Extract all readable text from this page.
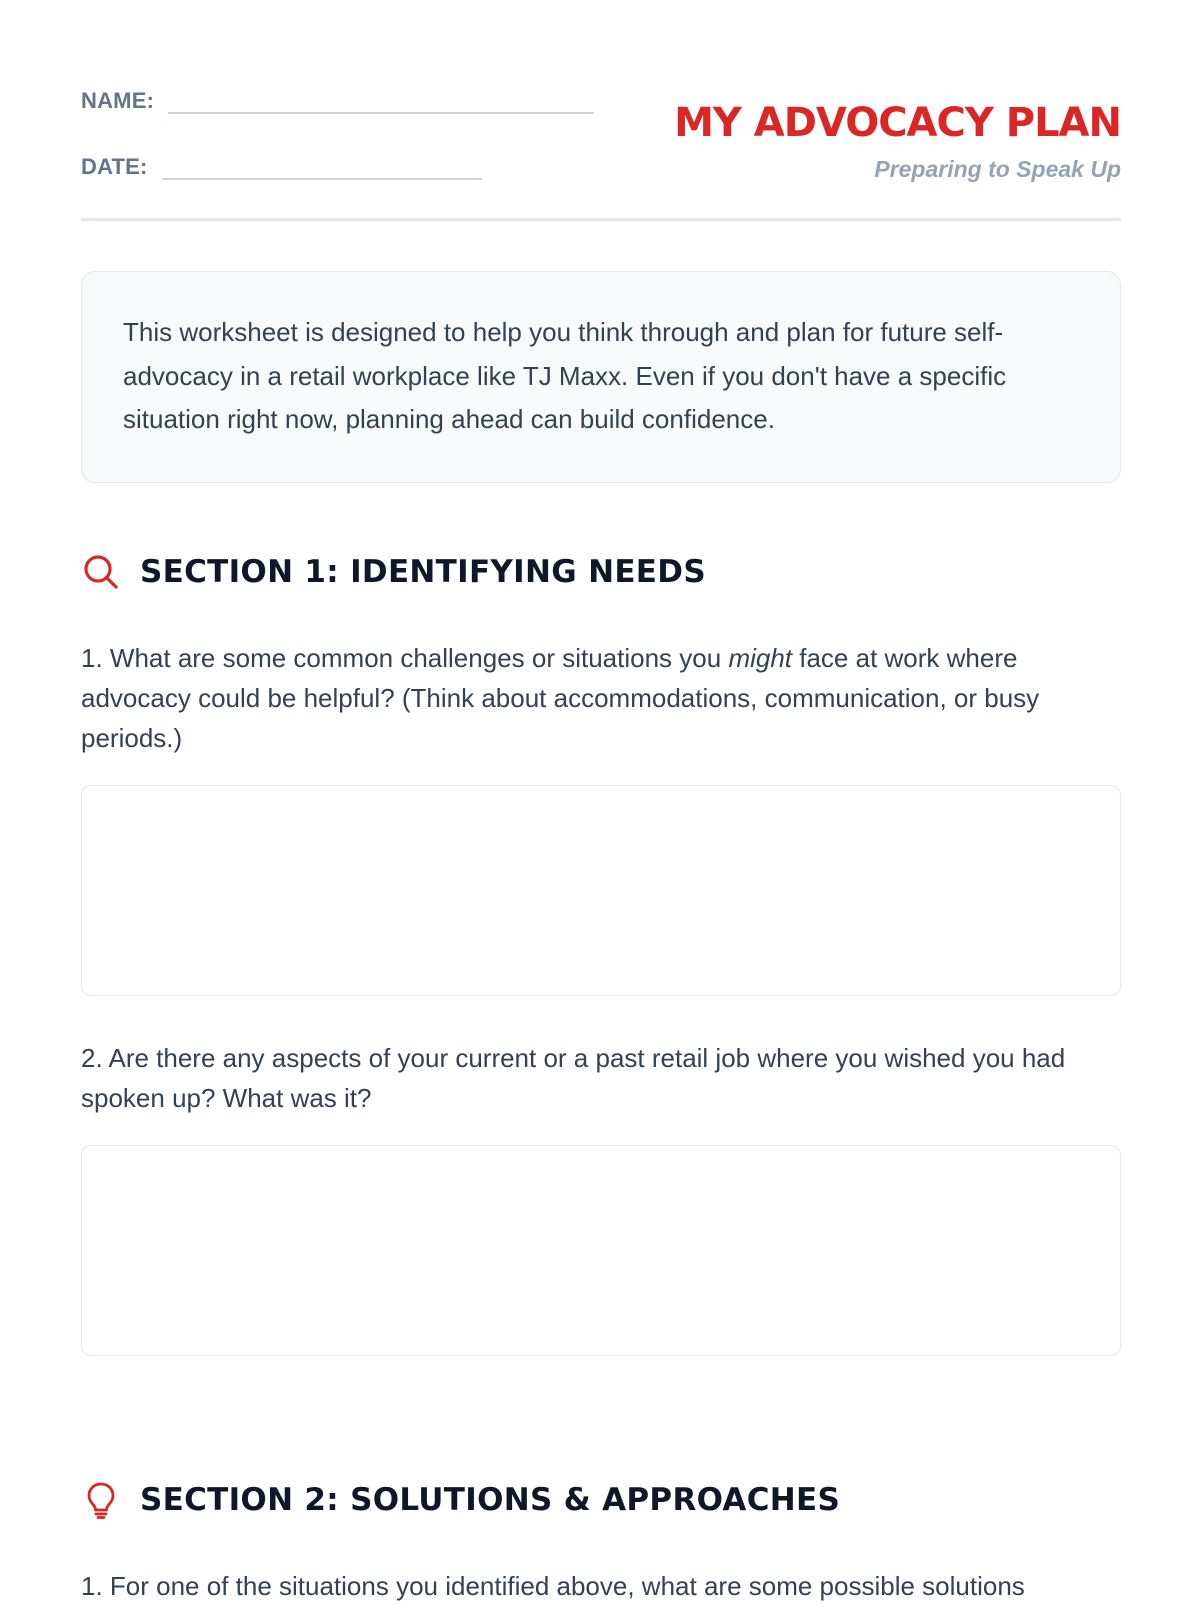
NAME:
DATE:
MY ADVOCACY PLAN
Preparing to Speak Up
This worksheet is designed to help you think through and plan for future self-advocacy in a retail workplace like TJ Maxx. Even if you don't have a specific situation right now, planning ahead can build confidence.
SECTION 1: IDENTIFYING NEEDS
1. What are some common challenges or situations you might face at work where advocacy could be helpful? (Think about accommodations, communication, or busy periods.)
2. Are there any aspects of your current or a past retail job where you wished you had spoken up? What was it?
SECTION 2: SOLUTIONS & APPROACHES
1. For one of the situations you identified above, what are some possible solutions
